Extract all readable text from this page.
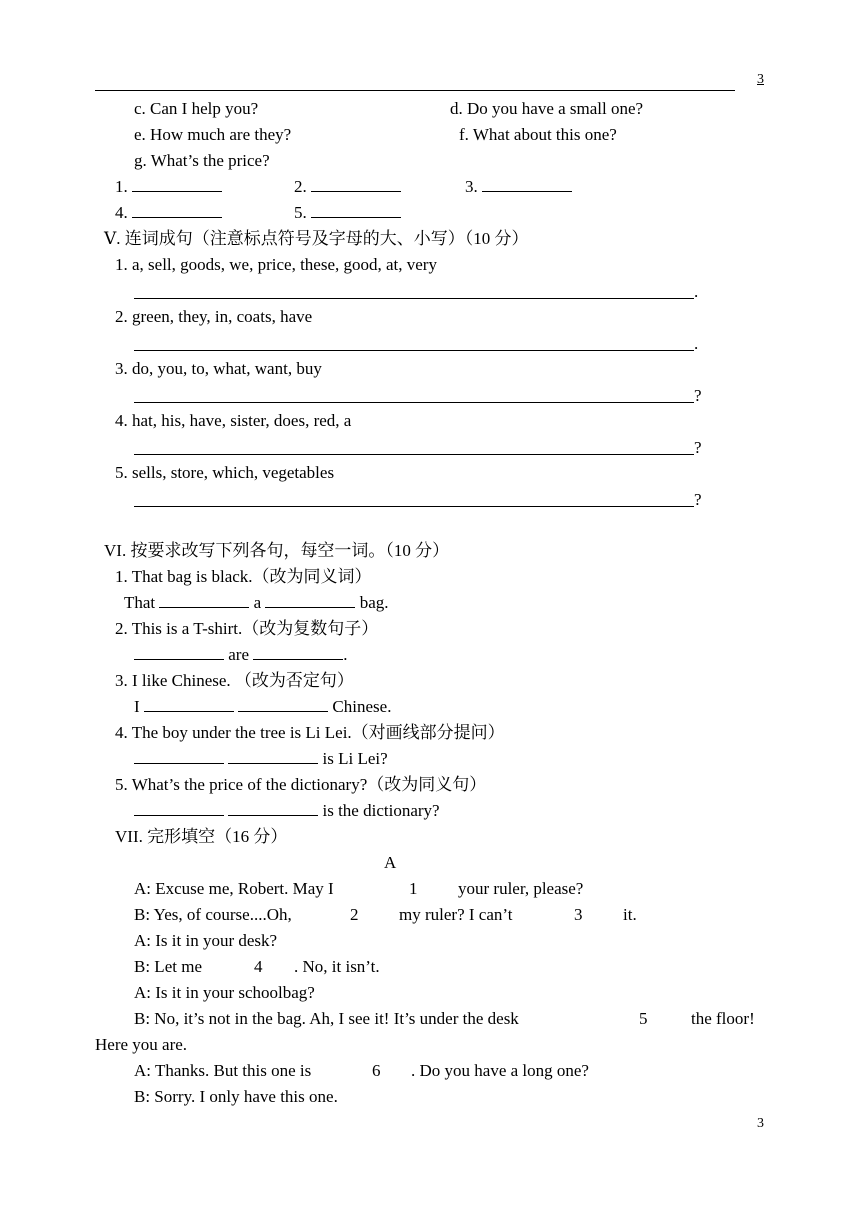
3
c. Can I help you?	d. Do you have a small one?
e. How much are they?	f. What about this one?
g. What’s the price?
1.	2.	3.
4.	5.
Ⅴ. 连词成句（注意标点符号及字母的大、小写）（10 分）
1. a, sell, goods, we, price, these, good, at, very
.
2. green, they, in, coats, have
.
3. do, you, to, what, want, buy
?
4. hat, his, have, sister, does, red, a
?
5. sells, store, which, vegetables
?
VI. 按要求改写下列各句，每空一词。（10 分）
1. That bag is black.（改为同义词）
That	a	bag.
2. This is a T-shirt.（改为复数句子）
are	.
3. I like Chinese. （改为否定句）
I	Chinese.
4. The boy under the tree is Li Lei.（对画线部分提问）
is Li Lei?
5. What’s the price of the dictionary?（改为同义句）
is the dictionary?
VII. 完形填空（16 分）
A
A: Excuse me, Robert. May I	1 your ruler, please?
B: Yes, of course....Oh,	2 my ruler? I can’t	3 it.
A: Is it in your desk?
B: Let me	4 . No, it isn’t.
A: Is it in your schoolbag?
B: No, it’s not in the bag. Ah, I see it! It’s under the desk	5	the floor!
Here you are.
A: Thanks. But this one is	6 . Do you have a long one?
B: Sorry. I only have this one.
3
